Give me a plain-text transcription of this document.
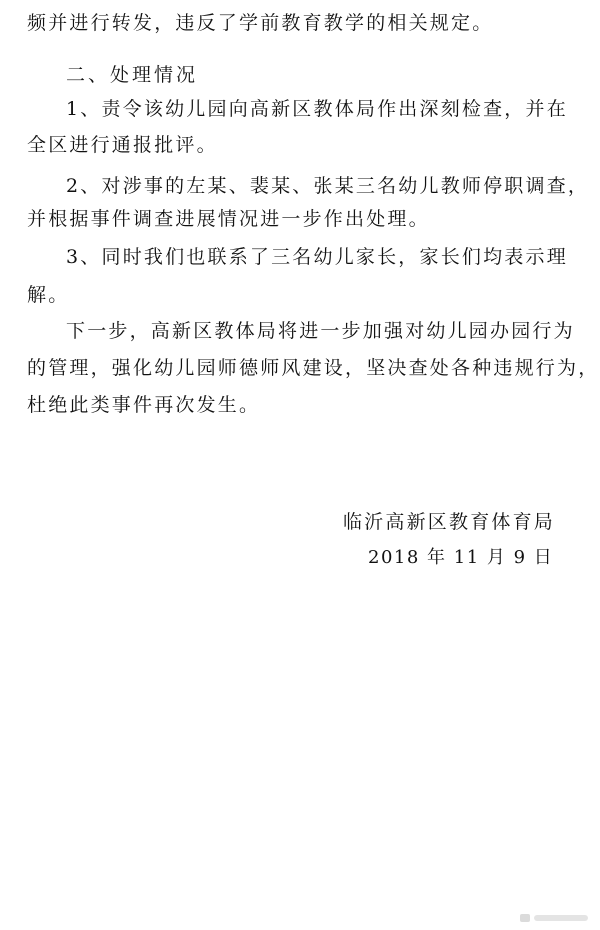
频并进行转发，违反了学前教育教学的相关规定。
二、处理情况
1、责令该幼儿园向高新区教体局作出深刻检查，并在
全区进行通报批评。
2、对涉事的左某、裴某、张某三名幼儿教师停职调查，
并根据事件调查进展情况进一步作出处理。
3、同时我们也联系了三名幼儿家长，家长们均表示理
解。
下一步，高新区教体局将进一步加强对幼儿园办园行为
的管理，强化幼儿园师德师风建设，坚决查处各种违规行为，
杜绝此类事件再次发生。
临沂高新区教育体育局
2018 年 11 月 9 日
